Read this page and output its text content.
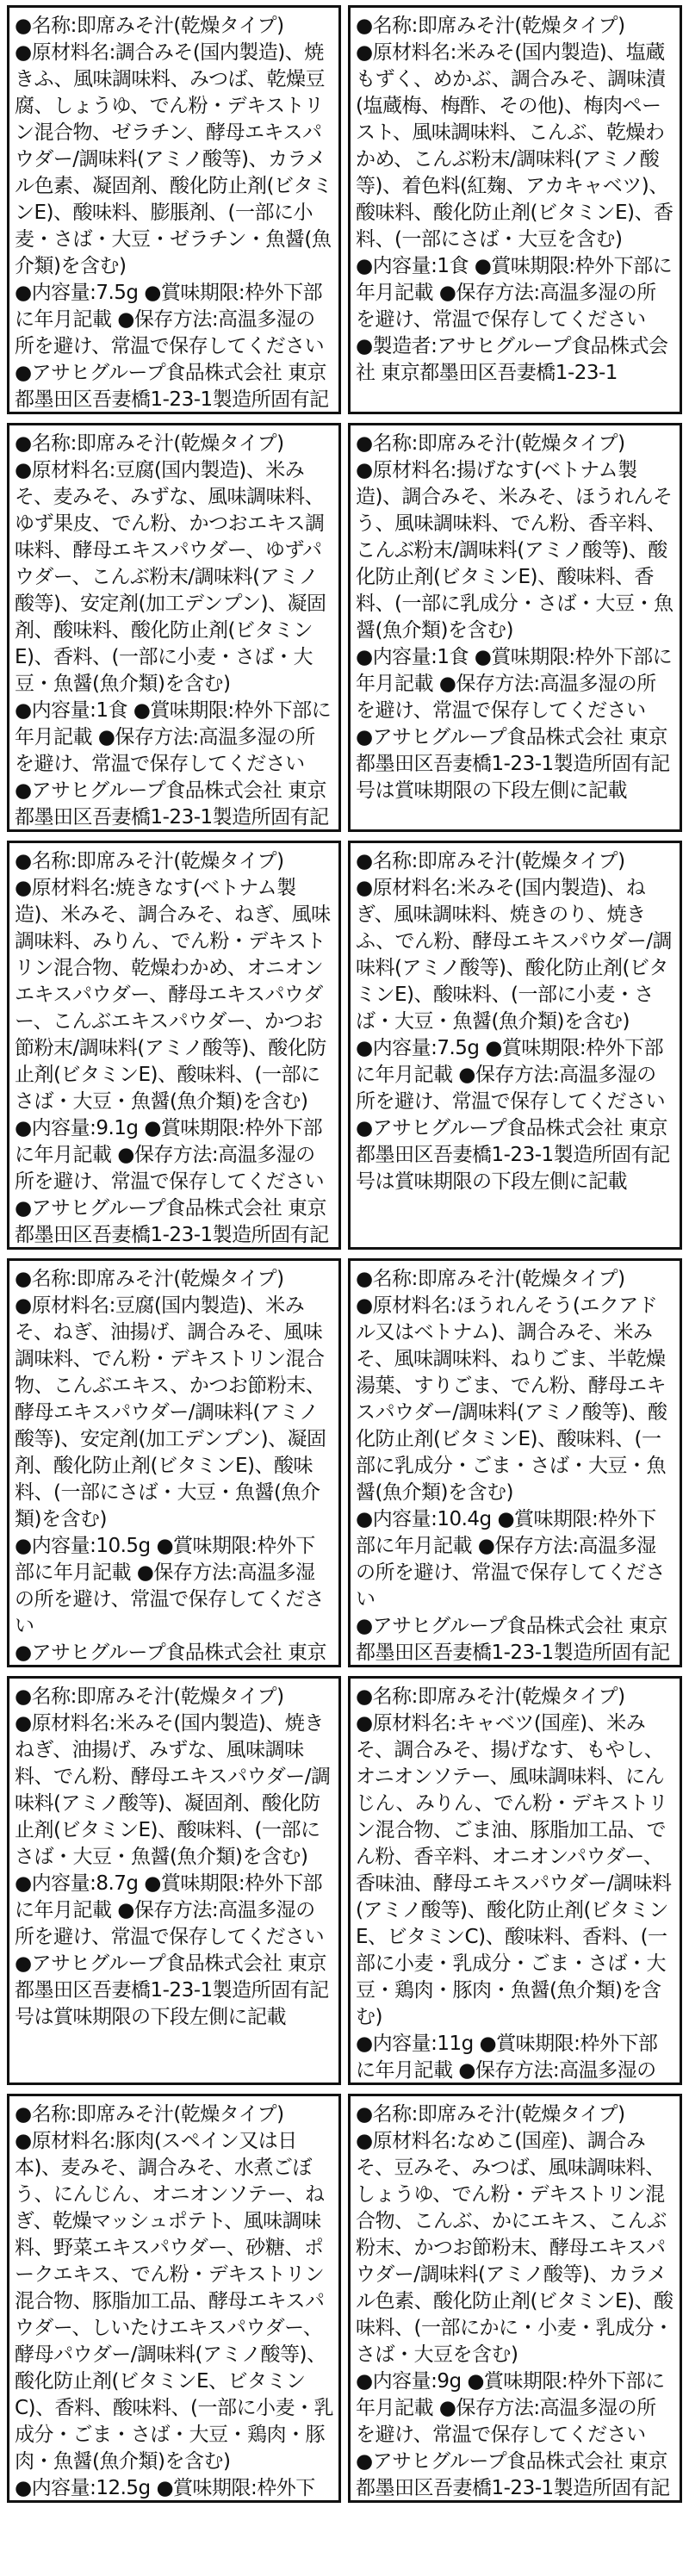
●名称:即席みそ汁(乾燥タイプ)

●原材料名:調合みそ(国内製造)、焼きふ、風味調味料、みつば、乾燥豆腐、しょうゆ、でん粉・デキストリン混合物、ゼラチン、酵母エキスパウダー/調味料(アミノ酸等)、カラメル色素、凝固剤、酸化防止剤(ビタミンE)、酸味料、膨脹剤、(一部に小麦・さば・大豆・ゼラチン・魚醤(魚介類)を含む)

●内容量:7.5g ●賞味期限:枠外下部に年月記載 ●保存方法:高温多湿の所を避け、常温で保存してください

●アサヒグループ食品株式会社 東京都墨田区吾妻橋1-23-1製造所固有記

●名称:即席みそ汁(乾燥タイプ)

●原材料名:米みそ(国内製造)、塩蔵もずく、めかぶ、調合みそ、調味漬(塩蔵梅、梅酢、その他)、梅肉ペースト、風味調味料、こんぶ、乾燥わかめ、こんぶ粉末/調味料(アミノ酸等)、着色料(紅麹、アカキャベツ)、酸味料、酸化防止剤(ビタミンE)、香料、(一部にさば・大豆を含む)

●内容量:1食 ●賞味期限:枠外下部に年月記載 ●保存方法:高温多湿の所を避け、常温で保存してください

●製造者:アサヒグループ食品株式会社 東京都墨田区吾妻橋1-23-1

●名称:即席みそ汁(乾燥タイプ)

●原材料名:豆腐(国内製造)、米みそ、麦みそ、みずな、風味調味料、ゆず果皮、でん粉、かつおエキス調味料、酵母エキスパウダー、ゆずパウダー、こんぶ粉末/調味料(アミノ酸等)、安定剤(加工デンプン)、凝固剤、酸味料、酸化防止剤(ビタミンE)、香料、(一部に小麦・さば・大豆・魚醤(魚介類)を含む)

●内容量:1食 ●賞味期限:枠外下部に年月記載 ●保存方法:高温多湿の所を避け、常温で保存してください

●アサヒグループ食品株式会社 東京都墨田区吾妻橋1-23-1製造所固有記

●名称:即席みそ汁(乾燥タイプ)

●原材料名:揚げなす(ベトナム製造)、調合みそ、米みそ、ほうれんそう、風味調味料、でん粉、香辛料、こんぶ粉末/調味料(アミノ酸等)、酸化防止剤(ビタミンE)、酸味料、香料、(一部に乳成分・さば・大豆・魚醤(魚介類)を含む)

●内容量:1食 ●賞味期限:枠外下部に年月記載 ●保存方法:高温多湿の所を避け、常温で保存してください

●アサヒグループ食品株式会社 東京都墨田区吾妻橋1-23-1製造所固有記号は賞味期限の下段左側に記載

●名称:即席みそ汁(乾燥タイプ)

●原材料名:焼きなす(ベトナム製造)、米みそ、調合みそ、ねぎ、風味調味料、みりん、でん粉・デキストリン混合物、乾燥わかめ、オニオンエキスパウダー、酵母エキスパウダー、こんぶエキスパウダー、かつお節粉末/調味料(アミノ酸等)、酸化防止剤(ビタミンE)、酸味料、(一部にさば・大豆・魚醤(魚介類)を含む)

●内容量:9.1g ●賞味期限:枠外下部に年月記載 ●保存方法:高温多湿の所を避け、常温で保存してください

●アサヒグループ食品株式会社 東京都墨田区吾妻橋1-23-1製造所固有記

●名称:即席みそ汁(乾燥タイプ)

●原材料名:米みそ(国内製造)、ねぎ、風味調味料、焼きのり、焼きふ、でん粉、酵母エキスパウダー/調味料(アミノ酸等)、酸化防止剤(ビタミンE)、酸味料、(一部に小麦・さば・大豆・魚醤(魚介類)を含む)

●内容量:7.5g ●賞味期限:枠外下部に年月記載 ●保存方法:高温多湿の所を避け、常温で保存してください

●アサヒグループ食品株式会社 東京都墨田区吾妻橋1-23-1製造所固有記号は賞味期限の下段左側に記載

●名称:即席みそ汁(乾燥タイプ)

●原材料名:豆腐(国内製造)、米みそ、ねぎ、油揚げ、調合みそ、風味調味料、でん粉・デキストリン混合物、こんぶエキス、かつお節粉末、酵母エキスパウダー/調味料(アミノ酸等)、安定剤(加工デンプン)、凝固剤、酸化防止剤(ビタミンE)、酸味料、(一部にさば・大豆・魚醤(魚介類)を含む)

●内容量:10.5g ●賞味期限:枠外下部に年月記載 ●保存方法:高温多湿の所を避け、常温で保存してください

●アサヒグループ食品株式会社 東京

●名称:即席みそ汁(乾燥タイプ)

●原材料名:ほうれんそう(エクアドル又はベトナム)、調合みそ、米みそ、風味調味料、ねりごま、半乾燥湯葉、すりごま、でん粉、酵母エキスパウダー/調味料(アミノ酸等)、酸化防止剤(ビタミンE)、酸味料、(一部に乳成分・ごま・さば・大豆・魚醤(魚介類)を含む)

●内容量:10.4g ●賞味期限:枠外下部に年月記載 ●保存方法:高温多湿の所を避け、常温で保存してください

●アサヒグループ食品株式会社 東京都墨田区吾妻橋1-23-1製造所固有記

●名称:即席みそ汁(乾燥タイプ)

●原材料名:米みそ(国内製造)、焼きねぎ、油揚げ、みずな、風味調味料、でん粉、酵母エキスパウダー/調味料(アミノ酸等)、凝固剤、酸化防止剤(ビタミンE)、酸味料、(一部にさば・大豆・魚醤(魚介類)を含む)

●内容量:8.7g ●賞味期限:枠外下部に年月記載 ●保存方法:高温多湿の所を避け、常温で保存してください

●アサヒグループ食品株式会社 東京都墨田区吾妻橋1-23-1製造所固有記号は賞味期限の下段左側に記載

●名称:即席みそ汁(乾燥タイプ)

●原材料名:キャベツ(国産)、米みそ、調合みそ、揚げなす、もやし、オニオンソテー、風味調味料、にんじん、みりん、でん粉・デキストリン混合物、ごま油、豚脂加工品、でん粉、香辛料、オニオンパウダー、香味油、酵母エキスパウダー/調味料(アミノ酸等)、酸化防止剤(ビタミンE、ビタミンC)、酸味料、香料、(一部に小麦・乳成分・ごま・さば・大豆・鶏肉・豚肉・魚醤(魚介類)を含む)

●内容量:11g ●賞味期限:枠外下部に年月記載 ●保存方法:高温多湿の

●名称:即席みそ汁(乾燥タイプ)

●原材料名:豚肉(スペイン又は日本)、麦みそ、調合みそ、水煮ごぼう、にんじん、オニオンソテー、ねぎ、乾燥マッシュポテト、風味調味料、野菜エキスパウダー、砂糖、ポークエキス、でん粉・デキストリン混合物、豚脂加工品、酵母エキスパウダー、しいたけエキスパウダー、酵母パウダー/調味料(アミノ酸等)、酸化防止剤(ビタミンE、ビタミンC)、香料、酸味料、(一部に小麦・乳成分・ごま・さば・大豆・鶏肉・豚肉・魚醤(魚介類)を含む)

●内容量:12.5g ●賞味期限:枠外下

●名称:即席みそ汁(乾燥タイプ)

●原材料名:なめこ(国産)、調合みそ、豆みそ、みつば、風味調味料、しょうゆ、でん粉・デキストリン混合物、こんぶ、かにエキス、こんぶ粉末、かつお節粉末、酵母エキスパウダー/調味料(アミノ酸等)、カラメル色素、酸化防止剤(ビタミンE)、酸味料、(一部にかに・小麦・乳成分・さば・大豆を含む)

●内容量:9g ●賞味期限:枠外下部に年月記載 ●保存方法:高温多湿の所を避け、常温で保存してください

●アサヒグループ食品株式会社 東京都墨田区吾妻橋1-23-1製造所固有記
